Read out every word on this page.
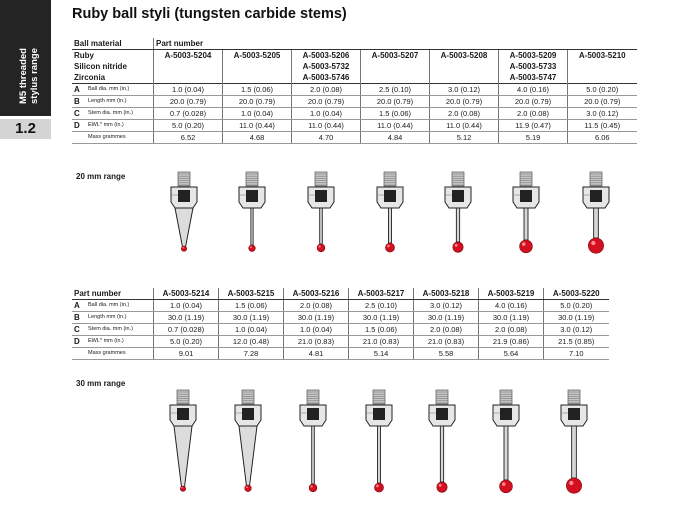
M5 threaded
stylus range
1.2
Ruby ball styli (tungsten carbide stems)
Ball material		Part number						
Ruby		A-5003-5204	A-5003-5205	A-5003-5206	A-5003-5207	A-5003-5208	A-5003-5209	A-5003-5210
Silicon nitride				A-5003-5732			A-5003-5733	
Zirconia				A-5003-5746			A-5003-5747	
A	Ball dia. mm (in.)	1.0 (0.04)	1.5 (0.06)	2.0 (0.08)	2.5 (0.10)	3.0 (0.12)	4.0 (0.16)	5.0 (0.20)
B	Length mm (in.)	20.0 (0.79)	20.0 (0.79)	20.0 (0.79)	20.0 (0.79)	20.0 (0.79)	20.0 (0.79)	20.0 (0.79)
C	Stem dia. mm (in.)	0.7 (0.028)	1.0 (0.04)	1.0 (0.04)	1.5 (0.06)	2.0 (0.08)	2.0 (0.08)	3.0 (0.12)
D	EWL* mm (in.)	5.0 (0.20)	11.0 (0.44)	11.0 (0.44)	11.0 (0.44)	11.0 (0.44)	11.9 (0.47)	11.5 (0.45)
	Mass grammes	6.52	4.68	4.70	4.84	5.12	5.19	6.06
20 mm range
Part number		A-5003-5214	A-5003-5215	A-5003-5216	A-5003-5217	A-5003-5218	A-5003-5219	A-5003-5220
A	Ball dia. mm (in.)	1.0 (0.04)	1.5 (0.06)	2.0 (0.08)	2.5 (0.10)	3.0 (0.12)	4.0 (0.16)	5.0 (0.20)
B	Length mm (in.)	30.0 (1.19)	30.0 (1.19)	30.0 (1.19)	30.0 (1.19)	30.0 (1.19)	30.0 (1.19)	30.0 (1.19)
C	Stem dia. mm (in.)	0.7 (0.028)	1.0 (0.04)	1.0 (0.04)	1.5 (0.06)	2.0 (0.08)	2.0 (0.08)	3.0 (0.12)
D	EWL* mm (in.)	5.0 (0.20)	12.0 (0.48)	21.0 (0.83)	21.0 (0.83)	21.0 (0.83)	21.9 (0.86)	21.5 (0.85)
	Mass grammes	9.01	7.28	4.81	5.14	5.58	5.64	7.10
30 mm range
